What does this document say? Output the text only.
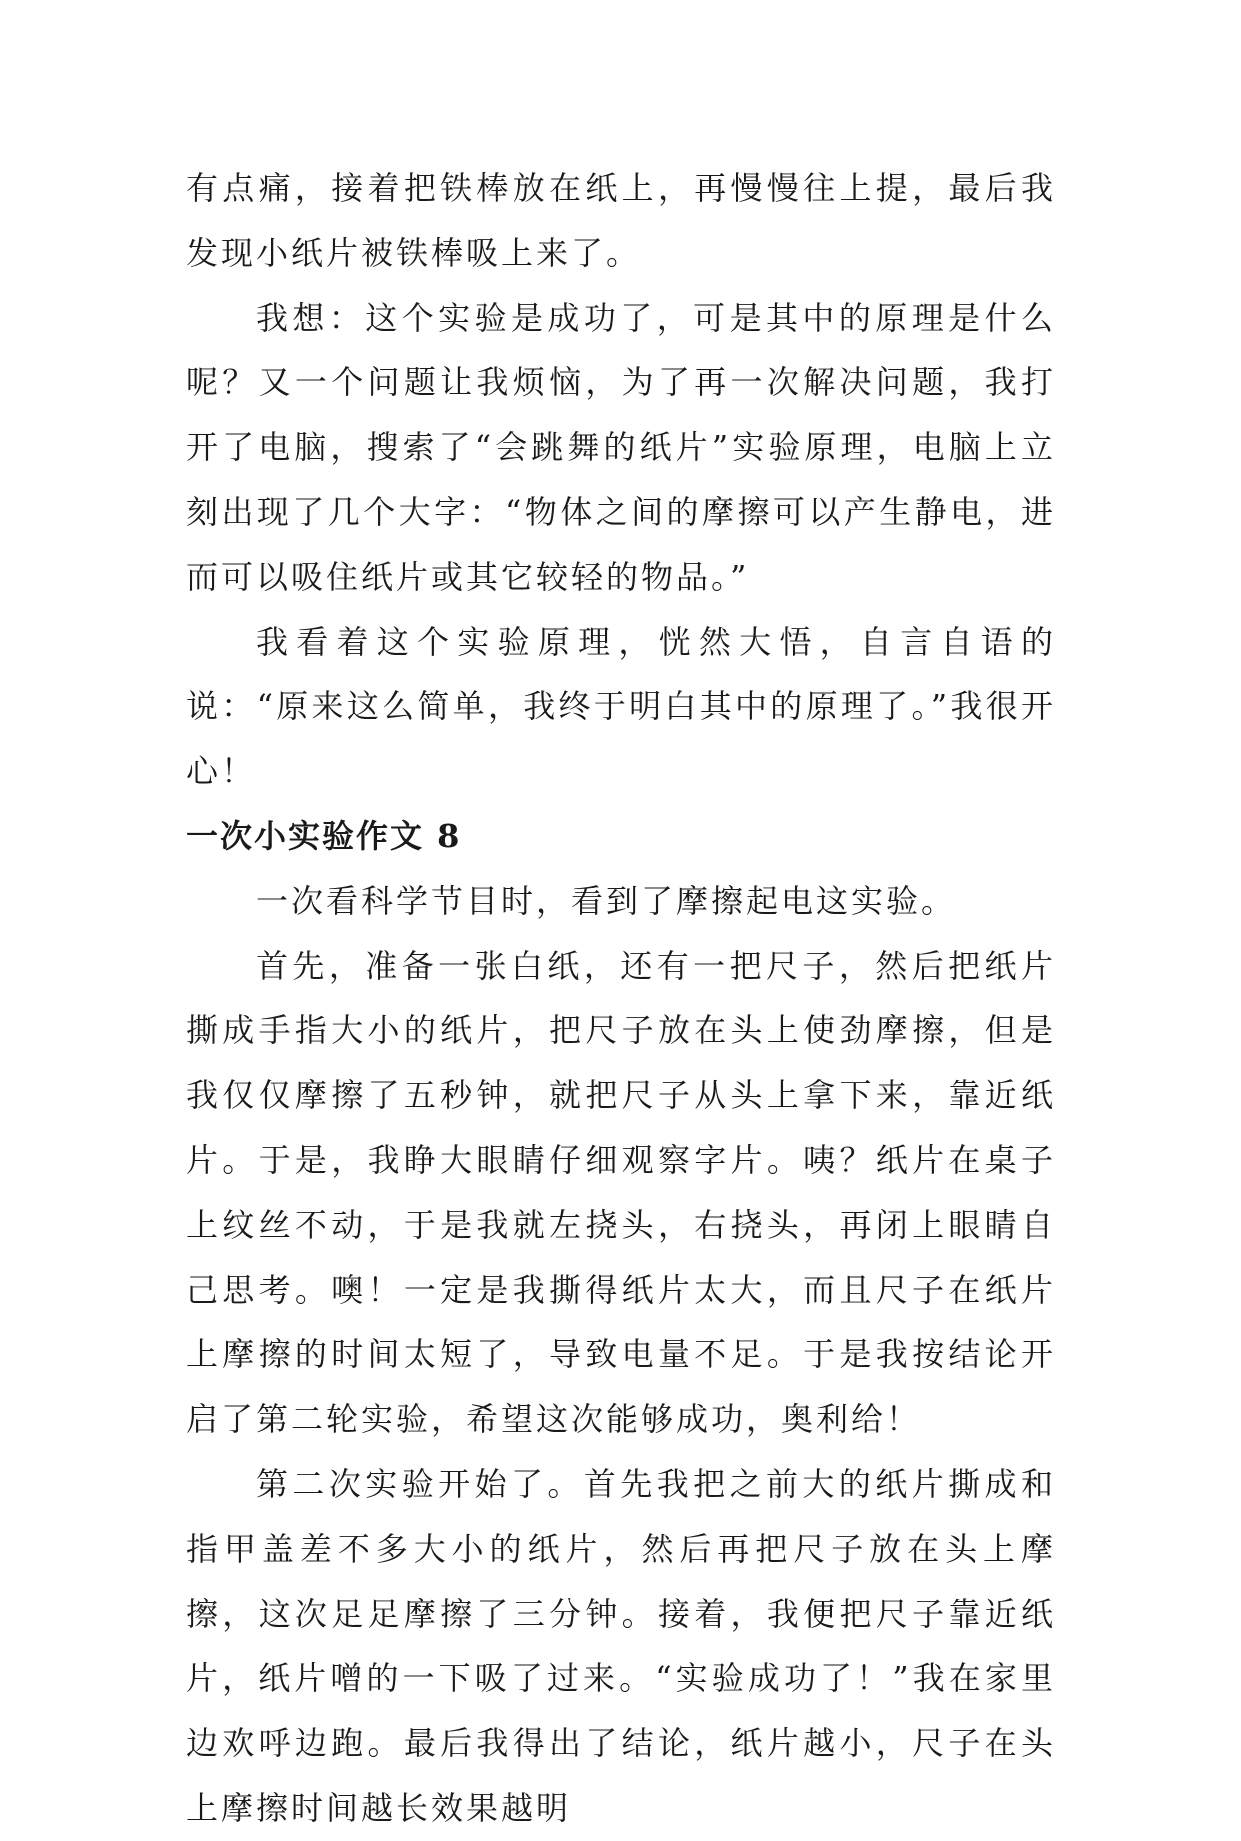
有点痛，接着把铁棒放在纸上，再慢慢往上提，最后我发现小纸片被铁棒吸上来了。

我想：这个实验是成功了，可是其中的原理是什么呢？又一个问题让我烦恼，为了再一次解决问题，我打开了电脑，搜索了“会跳舞的纸片”实验原理，电脑上立刻出现了几个大字：“物体之间的摩擦可以产生静电，进而可以吸住纸片或其它较轻的物品。”

我看着这个实验原理，恍然大悟，自言自语的说：“原来这么简单，我终于明白其中的原理了。”我很开心！

一次小实验作文 8

一次看科学节目时，看到了摩擦起电这实验。

首先，准备一张白纸，还有一把尺子，然后把纸片撕成手指大小的纸片，把尺子放在头上使劲摩擦，但是我仅仅摩擦了五秒钟，就把尺子从头上拿下来，靠近纸片。于是，我睁大眼睛仔细观察字片。咦？纸片在桌子上纹丝不动，于是我就左挠头，右挠头，再闭上眼睛自己思考。噢！一定是我撕得纸片太大，而且尺子在纸片上摩擦的时间太短了，导致电量不足。于是我按结论开启了第二轮实验，希望这次能够成功，奥利给！

第二次实验开始了。首先我把之前大的纸片撕成和指甲盖差不多大小的纸片，然后再把尺子放在头上摩擦，这次足足摩擦了三分钟。接着，我便把尺子靠近纸片，纸片噌的一下吸了过来。“实验成功了！”我在家里边欢呼边跑。最后我得出了结论，纸片越小，尺子在头上摩擦时间越长效果越明
